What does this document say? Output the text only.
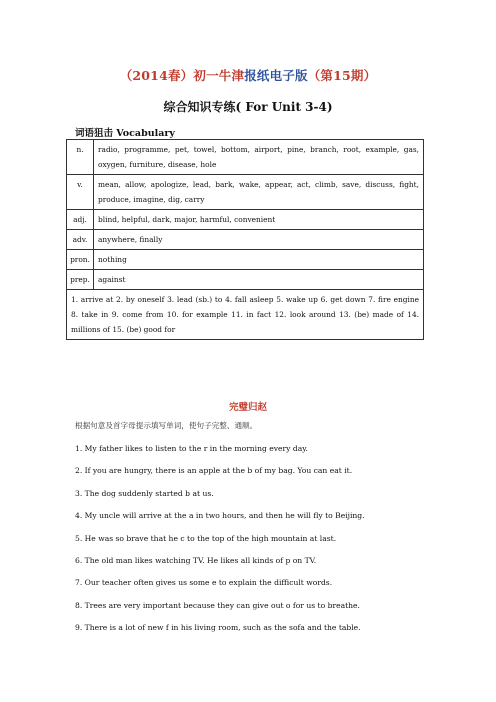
（2014春）初一牛津报纸电子版（第15期）
综合知识专练( For Unit 3-4)
词语狙击 Vocabulary
n.	radio, programme, pet, towel, bottom, airport, pine, branch, root, example, gas, oxygen, furniture, disease, hole
v.	mean, allow, apologize, lead, bark, wake, appear, act, climb, save, discuss, fight, produce, imagine, dig, carry
adj.	blind, helpful, dark, major, harmful, convenient
adv.	anywhere, finally
pron.	nothing
prep.	against
1. arrive at 2. by oneself 3. lead (sb.) to 4. fall asleep 5. wake up 6. get down 7. fire engine 8. take in 9. come from 10. for example 11. in fact 12. look around 13. (be) made of 14. millions of 15. (be) good for	
完璧归赵
根据句意及首字母提示填写单词，使句子完整、通顺。
1. My father likes to listen to the r in the morning every day.
2. If you are hungry, there is an apple at the b of my bag. You can eat it.
3. The dog suddenly started b at us.
4. My uncle will arrive at the a in two hours, and then he will fly to Beijing.
5. He was so brave that he c to the top of the high mountain at last.
6. The old man likes watching TV. He likes all kinds of p on TV.
7. Our teacher often gives us some e to explain the difficult words.
8. Trees are very important because they can give out o for us to breathe.
9. There is a lot of new f in his living room, such as the sofa and the table.
